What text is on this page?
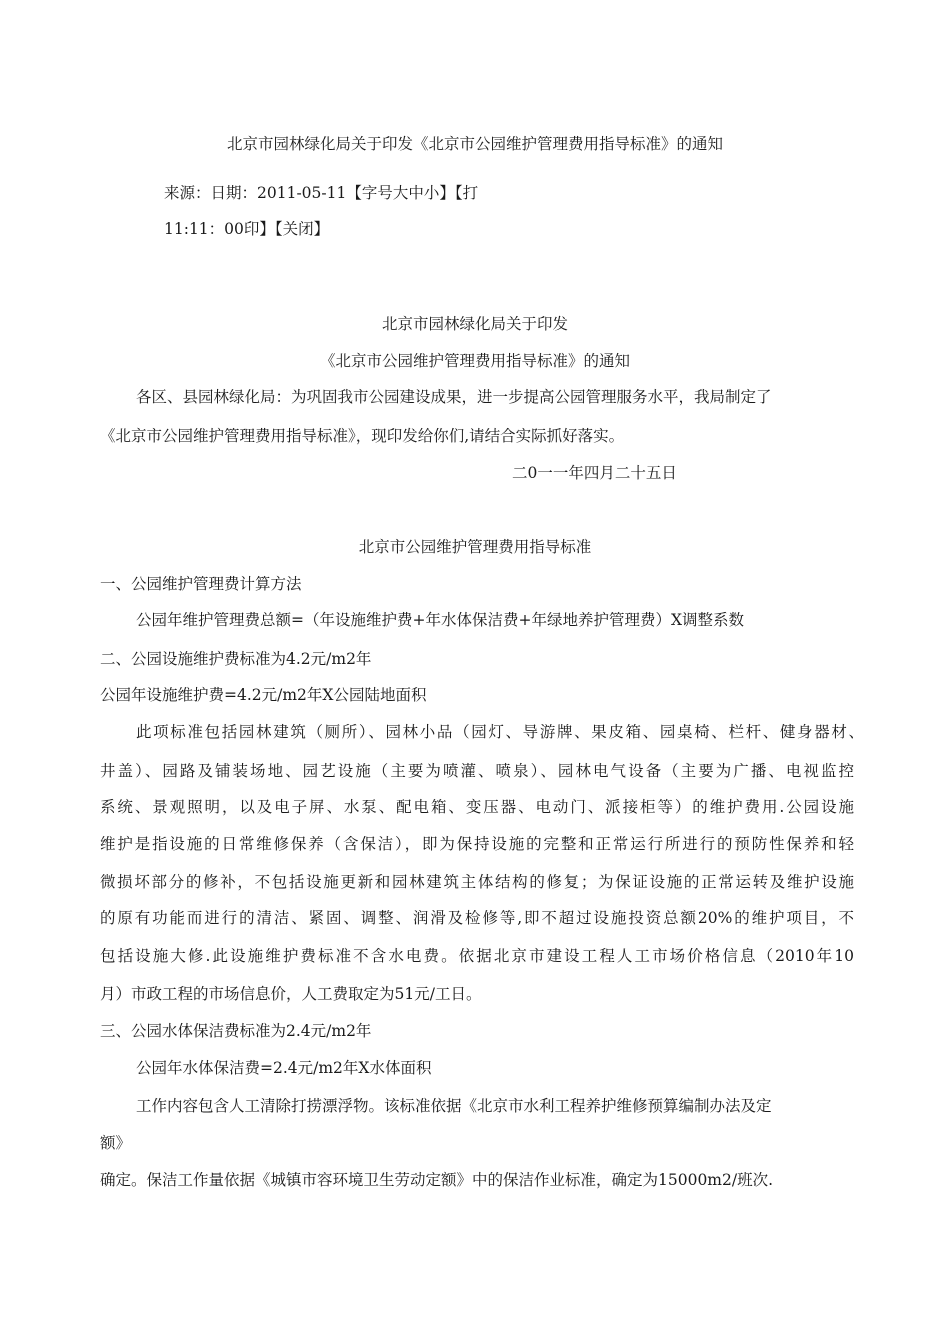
北京市园林绿化局关于印发《北京市公园维护管理费用指导标准》的通知
来源：日期：2011-05-11【字号大中小】【打
11:11：00印】【关闭】
北京市园林绿化局关于印发
《北京市公园维护管理费用指导标准》的通知
各区、县园林绿化局：为巩固我市公园建设成果，进一步提高公园管理服务水平，我局制定了
《北京市公园维护管理费用指导标准》，现印发给你们,请结合实际抓好落实。
二0一一年四月二十五日
北京市公园维护管理费用指导标准
一、公园维护管理费计算方法
公园年维护管理费总额=（年设施维护费+年水体保洁费+年绿地养护管理费）X调整系数
二、公园设施维护费标准为4.2元/m2年
公园年设施维护费=4.2元/m2年X公园陆地面积
此项标准包括园林建筑（厕所）、园林小品（园灯、导游牌、果皮箱、园桌椅、栏杆、健身器材、
井盖）、园路及铺装场地、园艺设施（主要为喷灌、喷泉）、园林电气设备（主要为广播、电视监控
系统、景观照明，以及电子屏、水泵、配电箱、变压器、电动门、派接柜等）的维护费用.公园设施
维护是指设施的日常维修保养（含保洁），即为保持设施的完整和正常运行所进行的预防性保养和轻
微损坏部分的修补，不包括设施更新和园林建筑主体结构的修复；为保证设施的正常运转及维护设施
的原有功能而进行的清洁、紧固、调整、润滑及检修等,即不超过设施投资总额20%的维护项目，不
包括设施大修.此设施维护费标准不含水电费。依据北京市建设工程人工市场价格信息（2010年10
月）市政工程的市场信息价，人工费取定为51元/工日。
三、公园水体保洁费标准为2.4元/m2年
公园年水体保洁费=2.4元/m2年X水体面积
工作内容包含人工清除打捞漂浮物。该标准依据《北京市水利工程养护维修预算编制办法及定
额》
确定。保洁工作量依据《城镇市容环境卫生劳动定额》中的保洁作业标准，确定为15000m2/班次.
